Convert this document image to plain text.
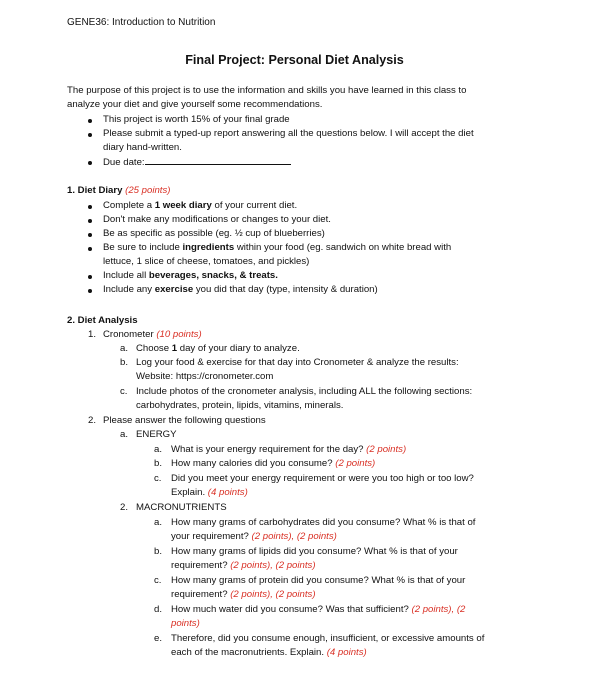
GENE36: Introduction to Nutrition
Final Project: Personal Diet Analysis
The purpose of this project is to use the information and skills you have learned in this class to
analyze your diet and give yourself some recommendations.
This project is worth 15% of your final grade
Please submit a typed-up report answering all the questions below. I will accept the diet
diary hand-written.
Due date:
1. Diet Diary (25 points)
Complete a 1 week diary of your current diet.
Don't make any modifications or changes to your diet.
Be as specific as possible (eg. ½ cup of blueberries)
Be sure to include ingredients within your food (eg. sandwich on white bread with
lettuce, 1 slice of cheese, tomatoes, and pickles)
Include all beverages, snacks, & treats.
Include any exercise you did that day (type, intensity & duration)
2. Diet Analysis
1. Cronometer (10 points)
a. Choose 1 day of your diary to analyze.
b. Log your food & exercise for that day into Cronometer & analyze the results:
Website: https://cronometer.com
c. Include photos of the cronometer analysis, including ALL the following sections:
carbohydrates, protein, lipids, vitamins, minerals.
2. Please answer the following questions
a. ENERGY
a. What is your energy requirement for the day? (2 points)
b. How many calories did you consume? (2 points)
c. Did you meet your energy requirement or were you too high or too low?
Explain. (4 points)
2. MACRONUTRIENTS
a. How many grams of carbohydrates did you consume? What % is that of
your requirement? (2 points), (2 points)
b. How many grams of lipids did you consume? What % is that of your
requirement? (2 points), (2 points)
c. How many grams of protein did you consume? What % is that of your
requirement? (2 points), (2 points)
d. How much water did you consume? Was that sufficient? (2 points), (2
points)
e. Therefore, did you consume enough, insufficient, or excessive amounts of
each of the macronutrients. Explain. (4 points)
